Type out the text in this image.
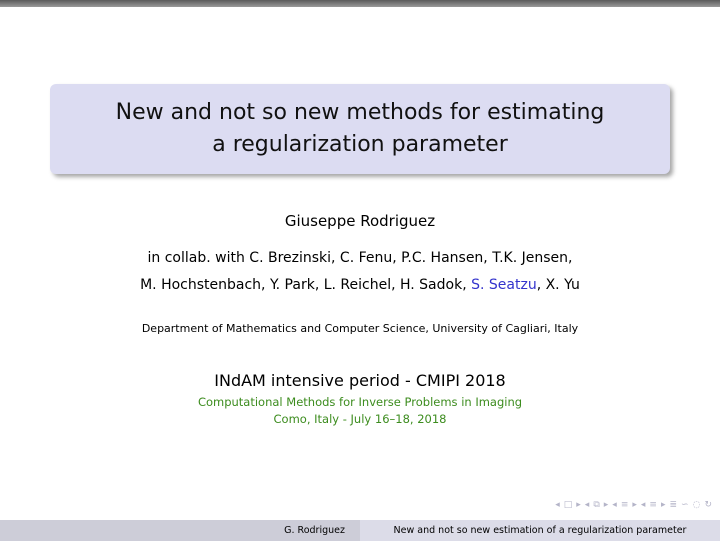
New and not so new methods for estimating
a regularization parameter
Giuseppe Rodriguez
in collab. with C. Brezinski, C. Fenu, P.C. Hansen, T.K. Jensen,
M. Hochstenbach, Y. Park, L. Reichel, H. Sadok, S. Seatzu, X. Yu
Department of Mathematics and Computer Science, University of Cagliari, Italy
INdAM intensive period - CMIPI 2018
Computational Methods for Inverse Problems in Imaging
Como, Italy - July 16–18, 2018
◂ □ ▸ ◂ ⧉ ▸ ◂ ≡ ▸ ◂ ≡ ▸ ≣ ∽ ◌ ↻
G. Rodriguez	New and not so new estimation of a regularization parameter
